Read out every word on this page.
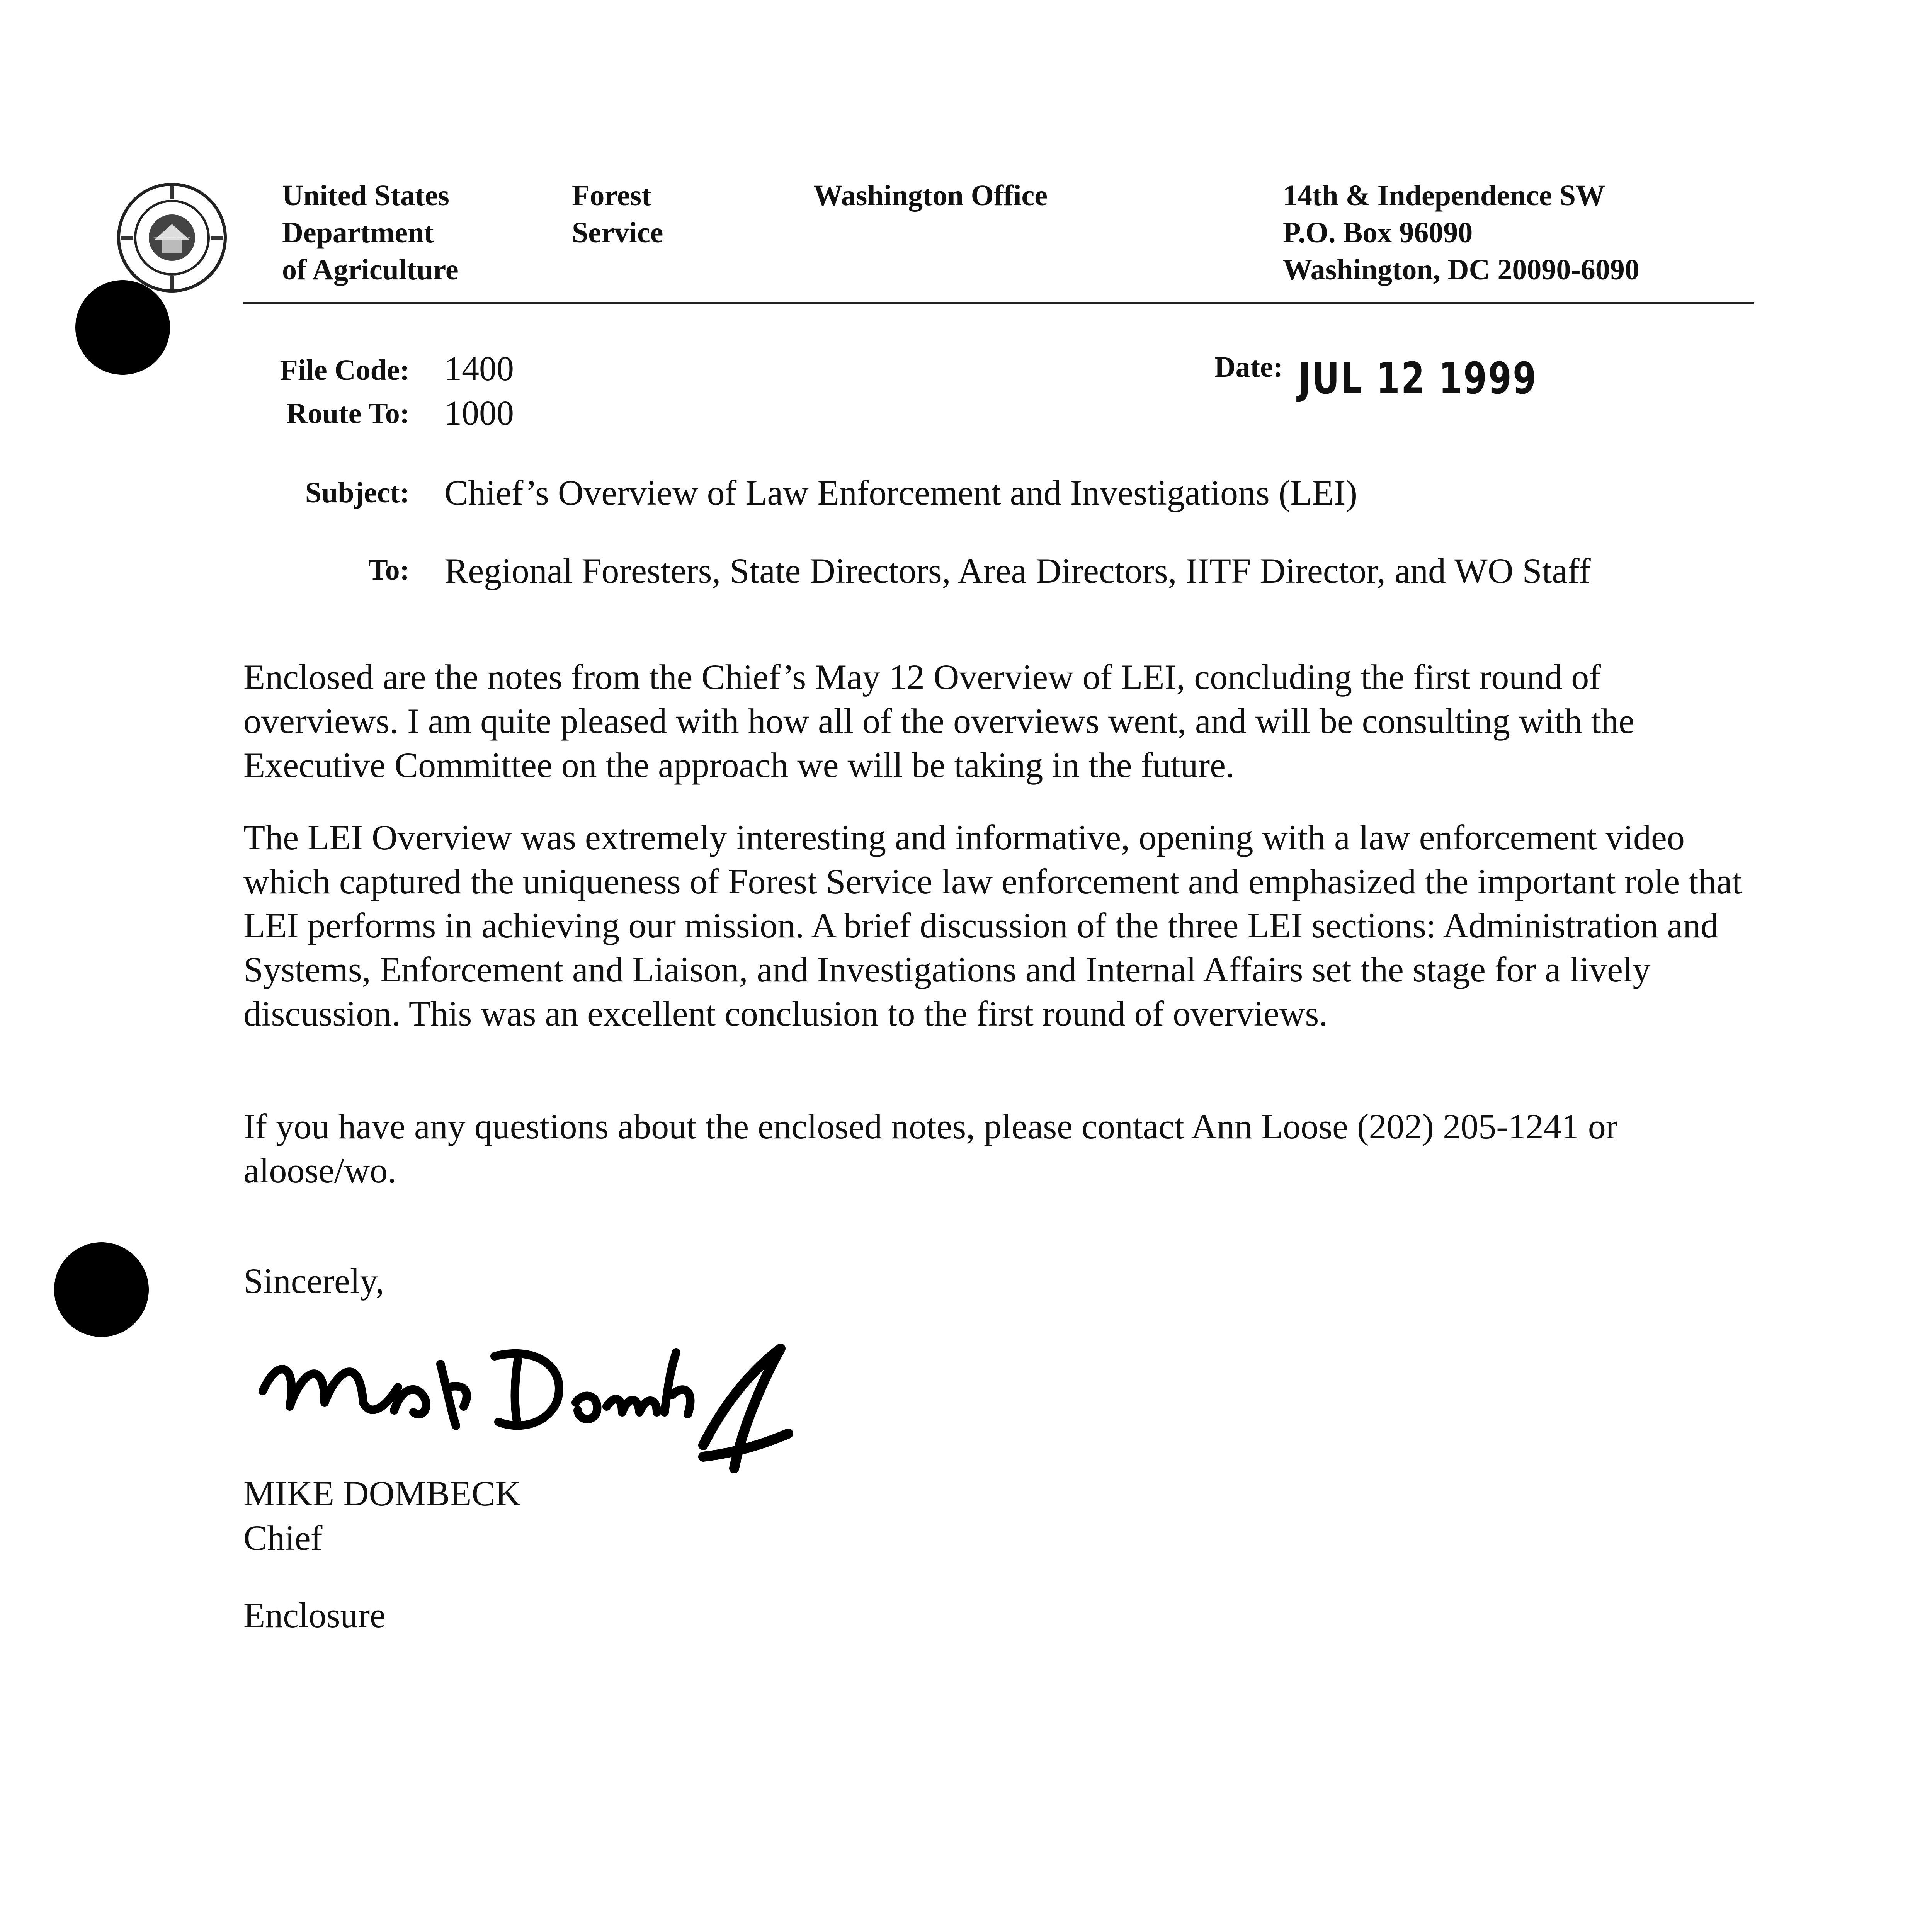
UNITED STATES DEPARTMENT OF AGRICULTURE
United States
Department
of Agriculture
Forest
Service
Washington Office	14th & Independence SW
P.O. Box 96090
Washington, DC 20090-6090
File Code: 1400
Route To: 1000
Date: JUL 12 1999
Subject: Chief’s Overview of Law Enforcement and Investigations (LEI)
To: Regional Foresters, State Directors, Area Directors, IITF Director, and WO Staff

Enclosed are the notes from the Chief’s May 12 Overview of LEI, concluding the first round of overviews. I am quite pleased with how all of the overviews went, and will be consulting with the Executive Committee on the approach we will be taking in the future.

The LEI Overview was extremely interesting and informative, opening with a law enforcement video which captured the uniqueness of Forest Service law enforcement and emphasized the important role that LEI performs in achieving our mission. A brief discussion of the three LEI sections: Administration and Systems, Enforcement and Liaison, and Investigations and Internal Affairs set the stage for a lively discussion. This was an excellent conclusion to the first round of overviews.

If you have any questions about the enclosed notes, please contact Ann Loose (202) 205-1241 or aloose/wo.

Sincerely,
Mike Dombeck
MIKE DOMBECK
Chief
Enclosure
